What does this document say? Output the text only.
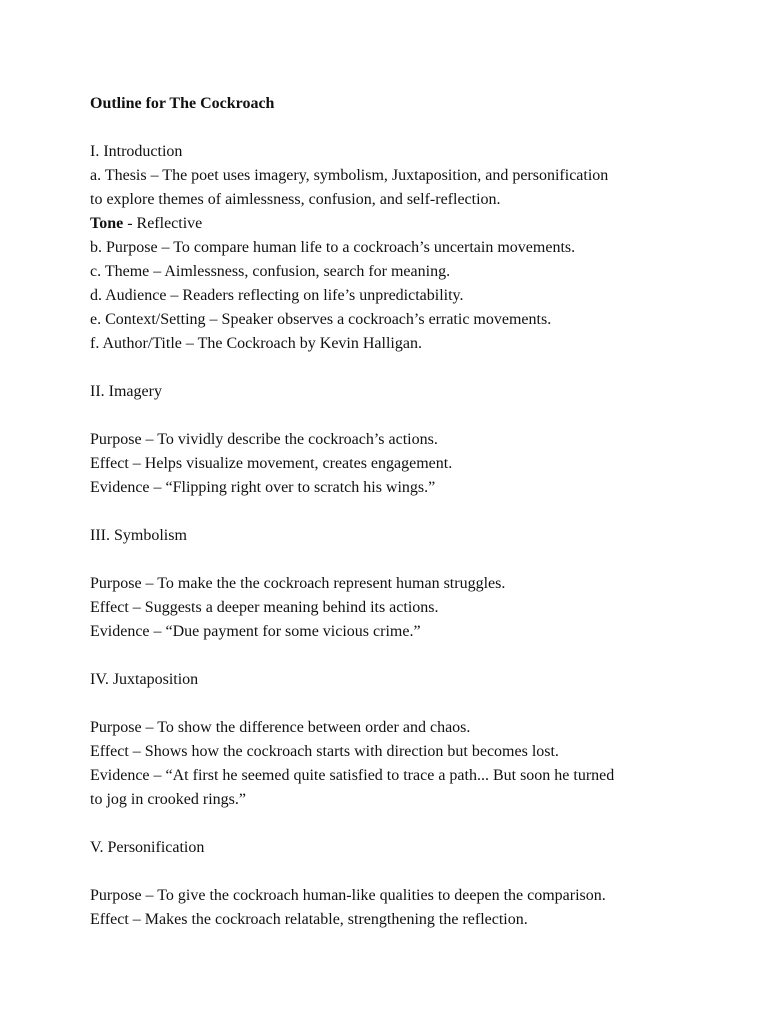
Outline for The Cockroach

I. Introduction

a. Thesis – The poet uses imagery, symbolism, Juxtaposition, and personification

to explore themes of aimlessness, confusion, and self-reflection.

Tone - Reflective

b. Purpose – To compare human life to a cockroach’s uncertain movements.

c. Theme – Aimlessness, confusion, search for meaning.

d. Audience – Readers reflecting on life’s unpredictability.

e. Context/Setting – Speaker observes a cockroach’s erratic movements.

f. Author/Title – The Cockroach by Kevin Halligan.

II. Imagery

Purpose – To vividly describe the cockroach’s actions.

Effect – Helps visualize movement, creates engagement.

Evidence – “Flipping right over to scratch his wings.”

III. Symbolism

Purpose – To make the the cockroach represent human struggles.

Effect – Suggests a deeper meaning behind its actions.

Evidence – “Due payment for some vicious crime.”

IV. Juxtaposition

Purpose – To show the difference between order and chaos.

Effect – Shows how the cockroach starts with direction but becomes lost.

Evidence – “At first he seemed quite satisfied to trace a path... But soon he turned

to jog in crooked rings.”

V. Personification

Purpose – To give the cockroach human-like qualities to deepen the comparison.

Effect – Makes the cockroach relatable, strengthening the reflection.
